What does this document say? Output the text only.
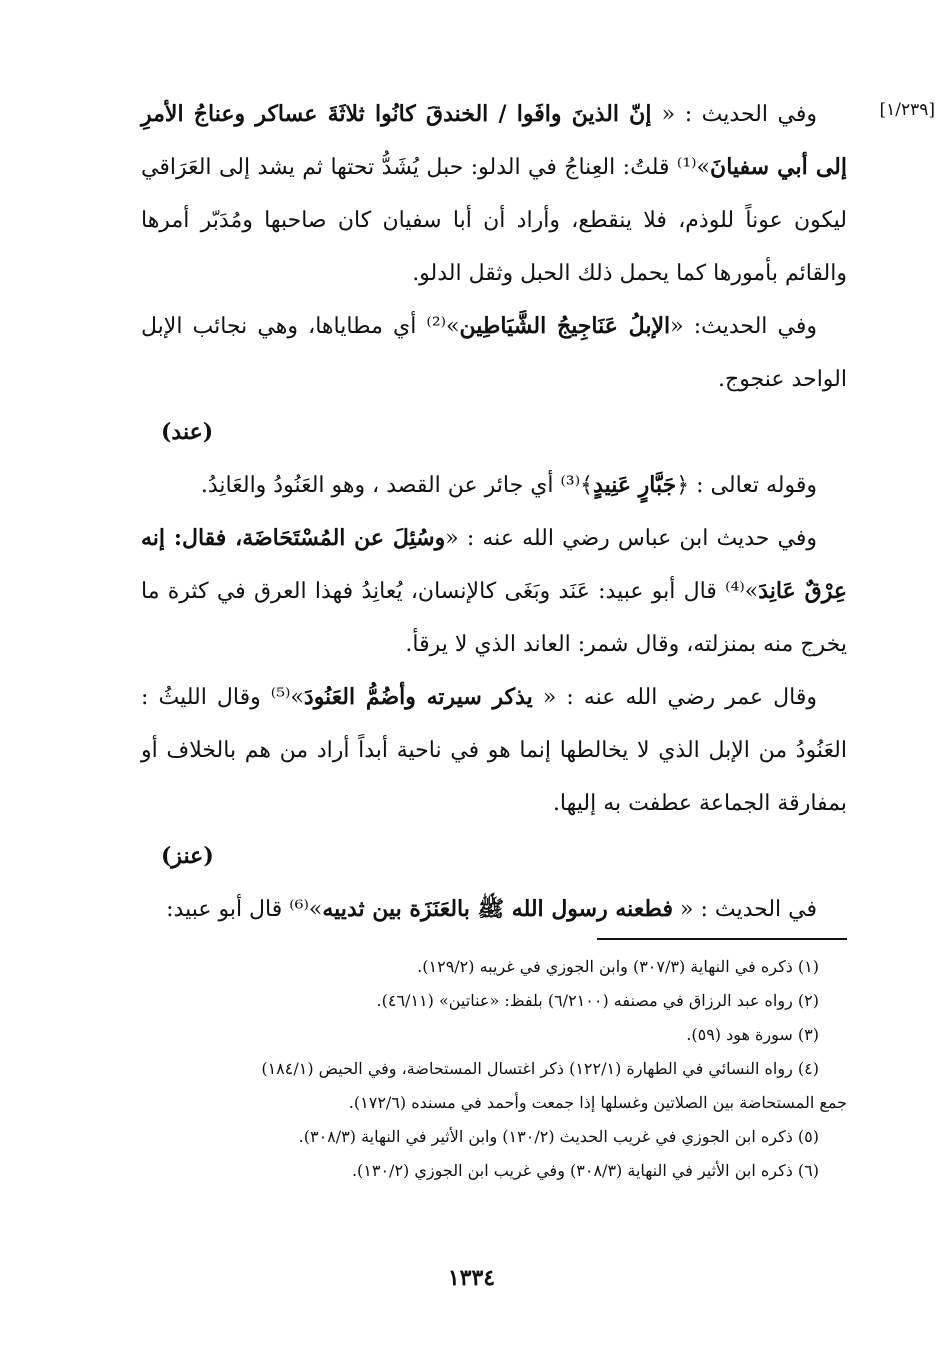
[١/٢٣٩]

وفي الحديث : « إنّ الذينَ وافَوا / الخندقَ كانُوا ثلاثَةَ عساكر وعناجُ الأمرِ إلى أبي سفيانَ»⁽¹⁾ قلتُ: العِناجُ في الدلو: حبل يُشَدُّ تحتها ثم يشد إلى العَرَاقي ليكون عوناً للوذم، فلا ينقطع، وأراد أن أبا سفيان كان صاحبها ومُدَبّر أمرها والقائم بأمورها كما يحمل ذلك الحبل وثقل الدلو.

وفي الحديث: «الإبلُ عَنَاجِيجُ الشَّيَاطِين»⁽²⁾ أي مطاياها، وهي نجائب الإبل الواحد عنجوج.

(عند)

وقوله تعالى : ﴿جَبَّارٍ عَنِيدٍ﴾⁽³⁾ أي جائر عن القصد ، وهو العَنُودُ والعَانِدُ.

وفي حديث ابن عباس رضي الله عنه : «وسُئِلَ عن المُسْتَحَاضَة، فقال: إنه عِرْقٌ عَانِدَ»⁽⁴⁾ قال أبو عبيد: عَنَد وبَغَى كالإنسان، يُعانِدُ فهذا العرق في كثرة ما يخرج منه بمنزلته، وقال شمر: العاند الذي لا يرقأ.

وقال عمر رضي الله عنه : « يذكر سيرته وأضُمُّ العَنُودَ»⁽⁵⁾ وقال الليثُ : العَنُودُ من الإبل الذي لا يخالطها إنما هو في ناحية أبداً أراد من هم بالخلاف أو بمفارقة الجماعة عطفت به إليها.

(عنز)

في الحديث : « فطعنه رسول الله ﷺ بالعَنَزَة بين ثدييه»⁽⁶⁾ قال أبو عبيد:

(١) ذكره في النهاية (٣٠٧/٣) وابن الجوزي في غريبه (١٢٩/٢).

(٢) رواه عبد الرزاق في مصنفه (٦/٢١٠٠) بلفظ: «عناتين» (٤٦/١١).

(٣) سورة هود (٥٩).

(٤) رواه النسائي في الطهارة (١٢٢/١) ذكر اغتسال المستحاضة، وفي الحيض (١٨٤/١)

جمع المستحاضة بين الصلاتين وغسلها إذا جمعت وأحمد في مسنده (١٧٢/٦).

(٥) ذكره ابن الجوزي في غريب الحديث (١٣٠/٢) وابن الأثير في النهاية (٣٠٨/٣).

(٦) ذكره ابن الأثير في النهاية (٣٠٨/٣) وفي غريب ابن الجوزي (١٣٠/٢).

١٣٣٤
